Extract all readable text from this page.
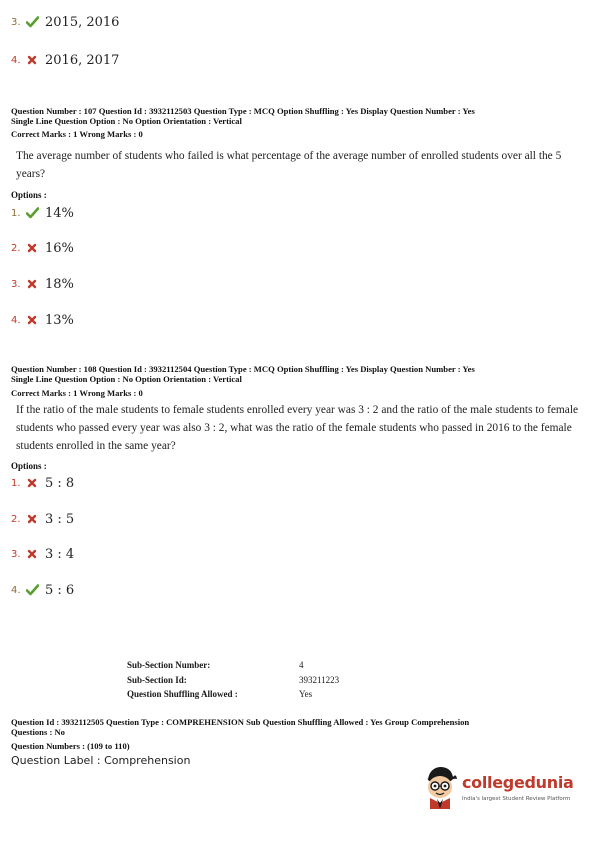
3.	2015, 2016
4.	2016, 2017
Question Number : 107 Question Id : 3932112503 Question Type : MCQ Option Shuffling : Yes Display Question Number : Yes
Single Line Question Option : No Option Orientation : Vertical
Correct Marks : 1 Wrong Marks : 0
The average number of students who failed is what percentage of the average number of enrolled students over all the 5 years?
Options :
1.	14%
2.	16%
3.	18%
4.	13%
Question Number : 108 Question Id : 3932112504 Question Type : MCQ Option Shuffling : Yes Display Question Number : Yes
Single Line Question Option : No Option Orientation : Vertical
Correct Marks : 1 Wrong Marks : 0
If the ratio of the male students to female students enrolled every year was 3 : 2 and the ratio of the male students to female students who passed every year was also 3 : 2, what was the ratio of the female students who passed in 2016 to the female students enrolled in the same year?
Options :
1.	5 : 8
2.	3 : 5
3.	3 : 4
4.	5 : 6
Sub-Section Number:	4
Sub-Section Id:	393211223
Question Shuffling Allowed :	Yes
Question Id : 3932112505 Question Type : COMPREHENSION Sub Question Shuffling Allowed : Yes Group Comprehension
Questions : No
Question Numbers : (109 to 110)
Question Label : Comprehension
collegedunia
India's largest Student Review Platform
